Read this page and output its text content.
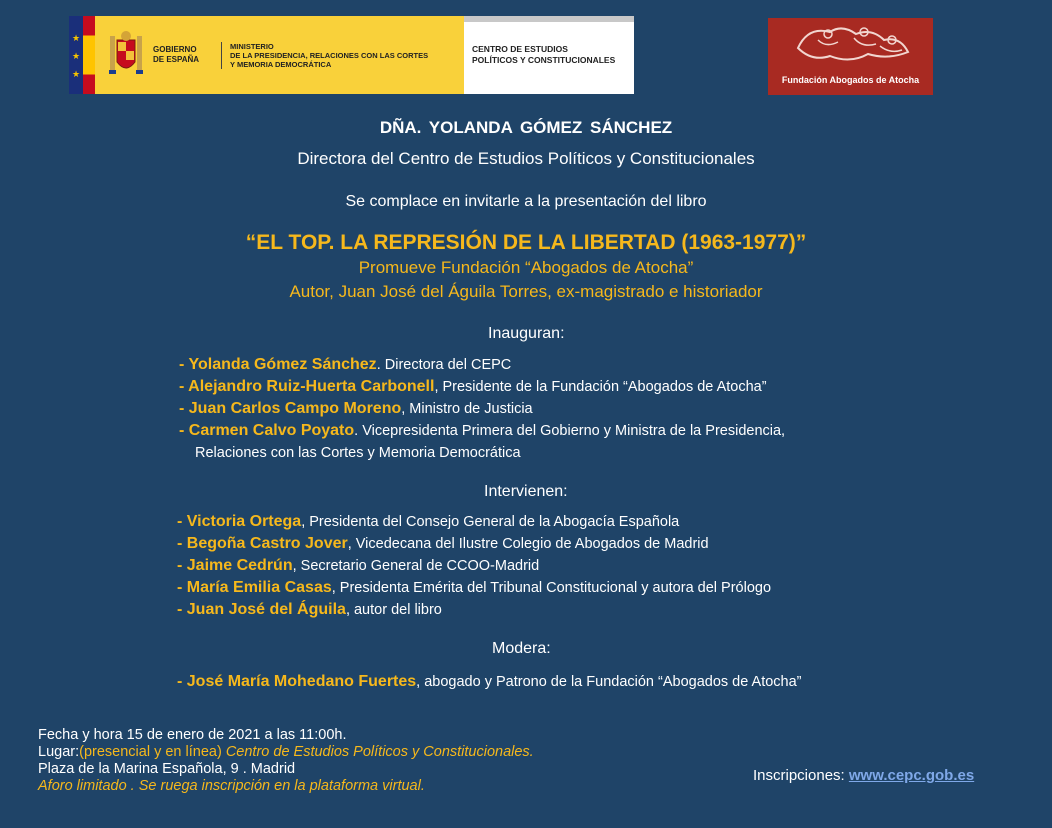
★
★
★
GOBIERNO
DE ESPAÑA
MINISTERIO
DE LA PRESIDENCIA, RELACIONES CON LAS CORTES
Y MEMORIA DEMOCRÁTICA
CENTRO DE ESTUDIOS
POLÍTICOS Y CONSTITUCIONALES
Fundación Abogados de Atocha
DÑA. YOLANDA GÓMEZ SÁNCHEZ
Directora del Centro de Estudios Políticos y Constitucionales
Se complace en invitarle a la presentación del libro
“EL TOP. LA REPRESIÓN DE LA LIBERTAD (1963-1977)”
Promueve Fundación “Abogados de Atocha”
Autor, Juan José del Águila Torres, ex-magistrado e historiador
Inauguran:
- Yolanda Gómez Sánchez. Directora del CEPC
- Alejandro Ruiz-Huerta Carbonell, Presidente de la Fundación “Abogados de Atocha”
- Juan Carlos Campo Moreno, Ministro de Justicia
- Carmen Calvo Poyato. Vicepresidenta Primera del Gobierno y Ministra de la Presidencia,
Relaciones con las Cortes y Memoria Democrática
Intervienen:
- Victoria Ortega, Presidenta del Consejo General de la Abogacía Española
- Begoña Castro Jover, Vicedecana del Ilustre Colegio de Abogados de Madrid
- Jaime Cedrún, Secretario General de CCOO-Madrid
- María Emilia Casas, Presidenta Emérita del Tribunal Constitucional y autora del Prólogo
- Juan José del Águila, autor del libro
Modera:
- José María Mohedano Fuertes, abogado y Patrono de la Fundación “Abogados de Atocha”
Fecha y hora 15 de enero de 2021 a las 11:00h.
Lugar:(presencial y en línea) Centro de Estudios Políticos y Constitucionales.
Plaza de la Marina Española, 9 . Madrid
Aforo limitado . Se ruega inscripción en la plataforma virtual.
Inscripciones: www.cepc.gob.es
